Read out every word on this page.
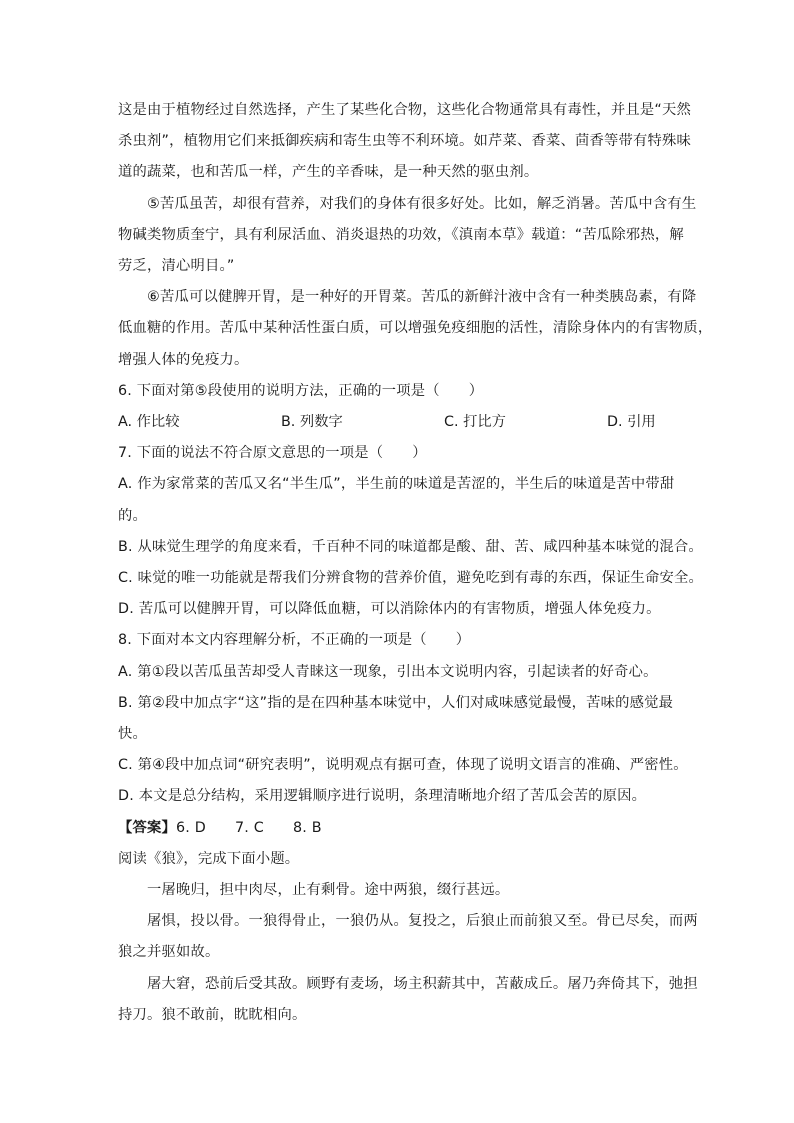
这是由于植物经过自然选择，产生了某些化合物，这些化合物通常具有毒性，并且是“天然
杀虫剂”，植物用它们来抵御疾病和寄生虫等不利环境。如芹菜、香菜、茴香等带有特殊味
道的蔬菜，也和苦瓜一样，产生的辛香味，是一种天然的驱虫剂。
⑤苦瓜虽苦，却很有营养，对我们的身体有很多好处。比如，解乏消暑。苦瓜中含有生
物碱类物质奎宁，具有利尿活血、消炎退热的功效，《滇南本草》载道：“苦瓜除邪热，解
劳乏，清心明目。”
⑥苦瓜可以健脾开胃，是一种好的开胃菜。苦瓜的新鲜汁液中含有一种类胰岛素，有降
低血糖的作用。苦瓜中某种活性蛋白质，可以增强免疫细胞的活性，清除身体内的有害物质，
增强人体的免疫力。
6. 下面对第⑤段使用的说明方法，正确的一项是（　　）
A. 作比较	B. 列数字	C. 打比方	D. 引用
7. 下面的说法不符合原文意思的一项是（　　）
A. 作为家常菜的苦瓜又名“半生瓜”，半生前的味道是苦涩的，半生后的味道是苦中带甜
的。
B. 从味觉生理学的角度来看，千百种不同的味道都是酸、甜、苦、咸四种基本味觉的混合。
C. 味觉的唯一功能就是帮我们分辨食物的营养价值，避免吃到有毒的东西，保证生命安全。
D. 苦瓜可以健脾开胃，可以降低血糖，可以消除体内的有害物质，增强人体免疫力。
8. 下面对本文内容理解分析，不正确的一项是（　　）
A. 第①段以苦瓜虽苦却受人青睐这一现象，引出本文说明内容，引起读者的好奇心。
B. 第②段中加点字“这”指的是在四种基本味觉中，人们对咸味感觉最慢，苦味的感觉最
快。
C. 第④段中加点词“研究表明”，说明观点有据可查，体现了说明文语言的准确、严密性。
D. 本文是总分结构，采用逻辑顺序进行说明，条理清晰地介绍了苦瓜会苦的原因。
【答案】6. D　　7. C　　8. B
阅读《狼》，完成下面小题。
一屠晚归，担中肉尽，止有剩骨。途中两狼，缀行甚远。
屠惧，投以骨。一狼得骨止，一狼仍从。复投之，后狼止而前狼又至。骨已尽矣，而两
狼之并驱如故。
屠大窘，恐前后受其敌。顾野有麦场，场主积薪其中，苫蔽成丘。屠乃奔倚其下，弛担
持刀。狼不敢前，眈眈相向。
